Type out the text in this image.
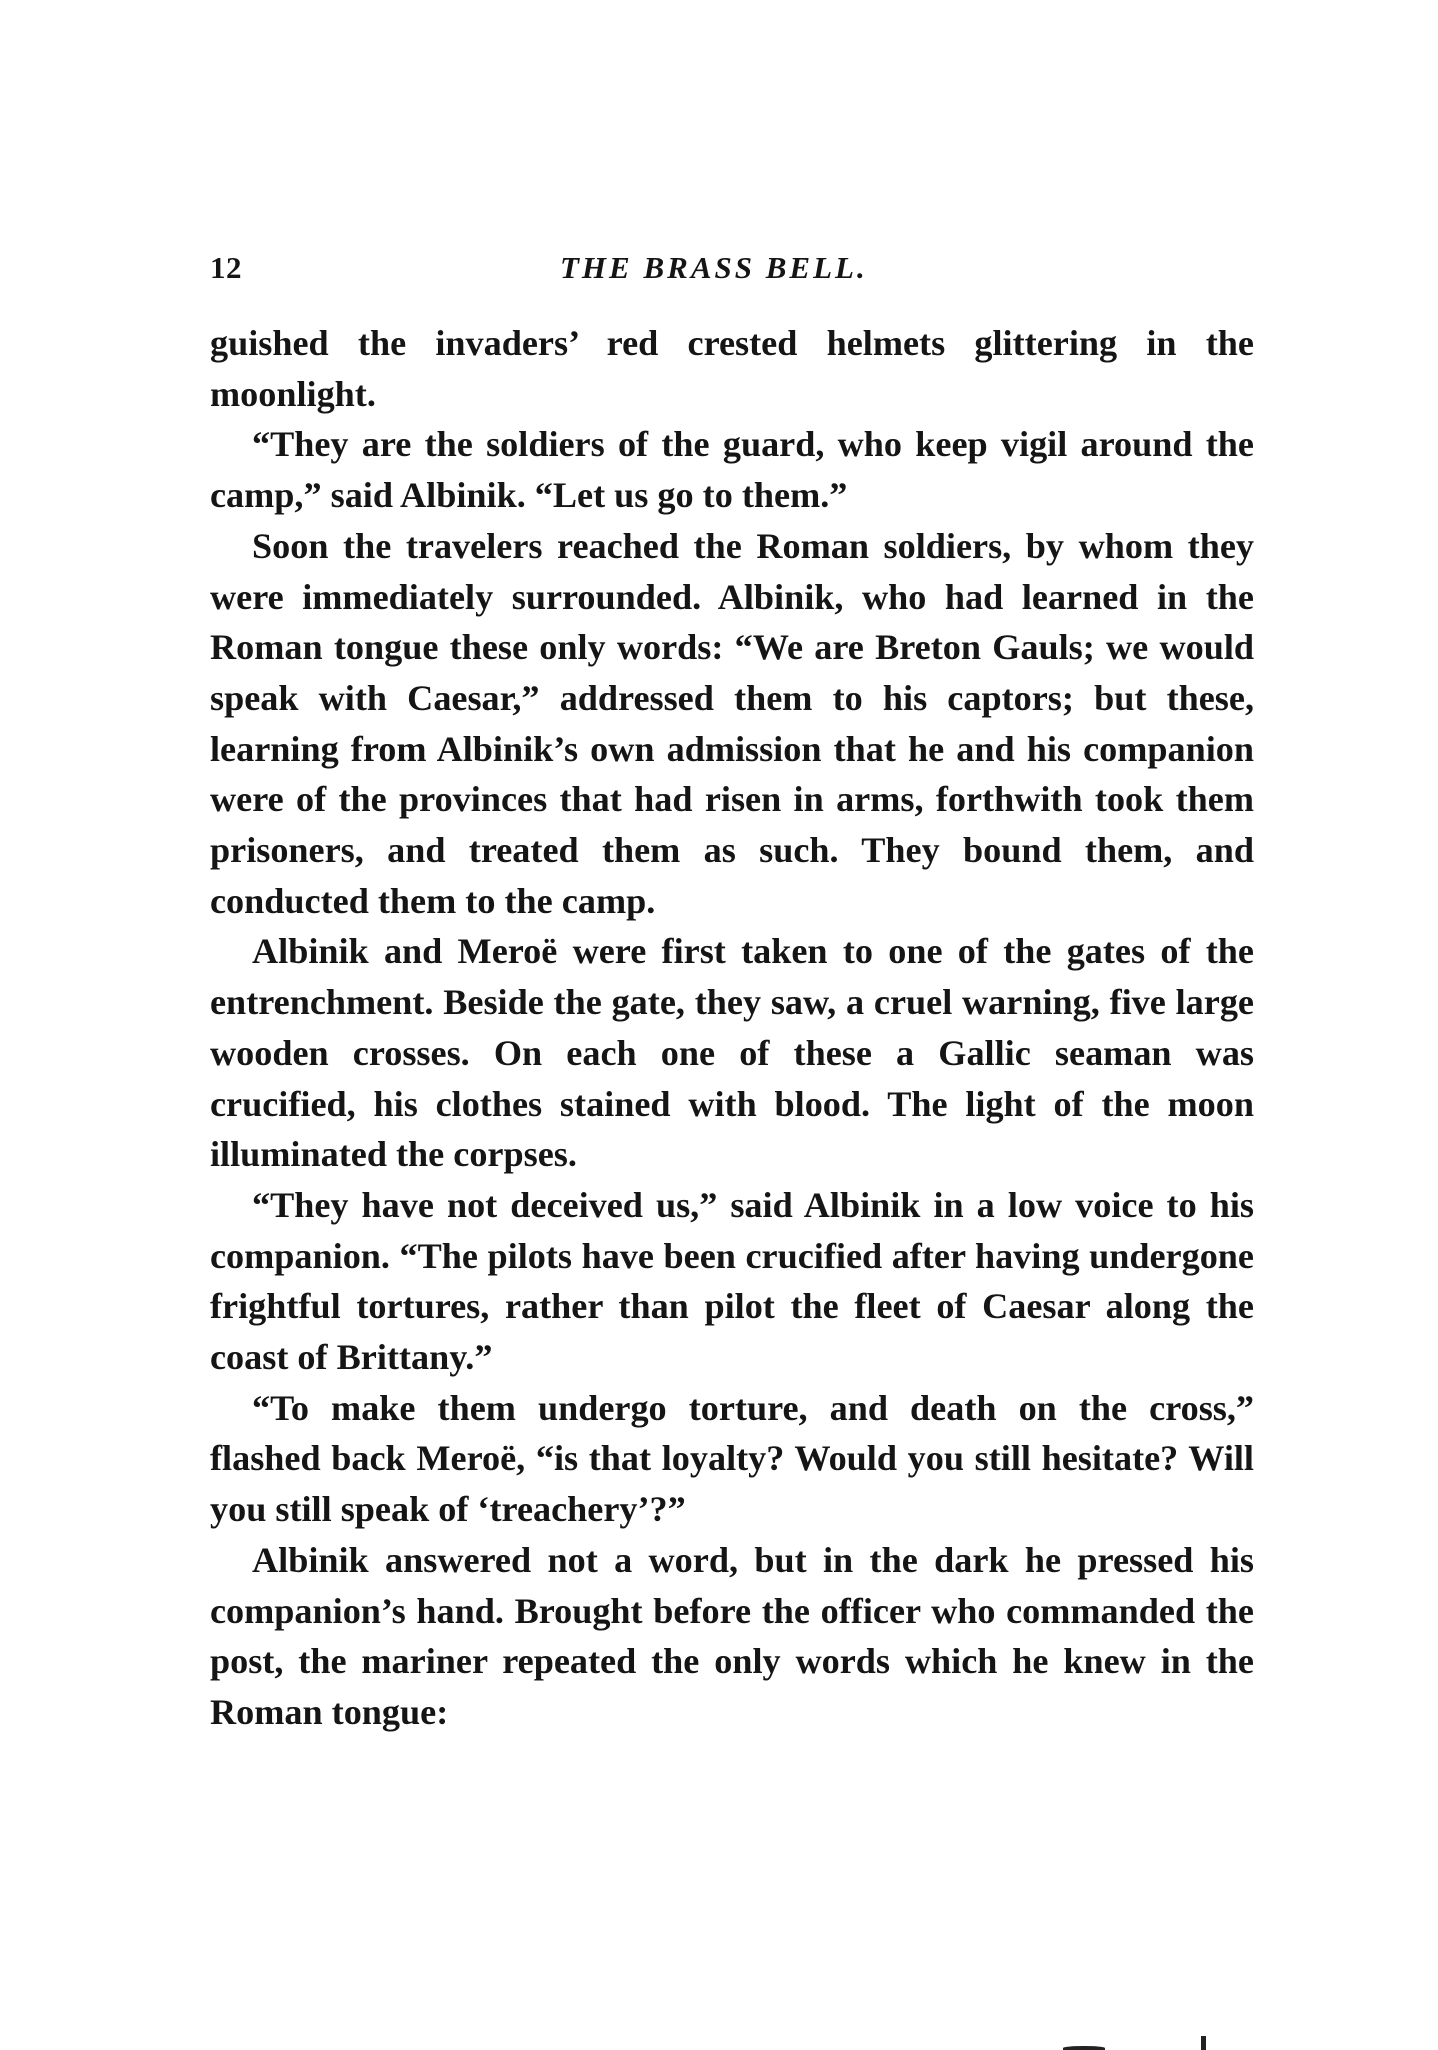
12	THE BRASS BELL.

guished the invaders’ red crested helmets glittering in the moonlight.

“They are the soldiers of the guard, who keep vigil around the camp,” said Albinik. “Let us go to them.”

Soon the travelers reached the Roman soldiers, by whom they were immediately surrounded. Albinik, who had learned in the Roman tongue these only words: “We are Breton Gauls; we would speak with Caesar,” addressed them to his captors; but these, learning from Albinik’s own admission that he and his companion were of the provinces that had risen in arms, forthwith took them prisoners, and treated them as such. They bound them, and conducted them to the camp.

Albinik and Meroë were first taken to one of the gates of the entrenchment. Beside the gate, they saw, a cruel warning, five large wooden crosses. On each one of these a Gallic seaman was crucified, his clothes stained with blood. The light of the moon illuminated the corpses.

“They have not deceived us,” said Albinik in a low voice to his companion. “The pilots have been crucified after having undergone frightful tortures, rather than pilot the fleet of Caesar along the coast of Brittany.”

“To make them undergo torture, and death on the cross,” flashed back Meroë, “is that loyalty? Would you still hesitate? Will you still speak of ‘treachery’?”

Albinik answered not a word, but in the dark he pressed his companion’s hand. Brought before the officer who commanded the post, the mariner repeated the only words which he knew in the Roman tongue:
